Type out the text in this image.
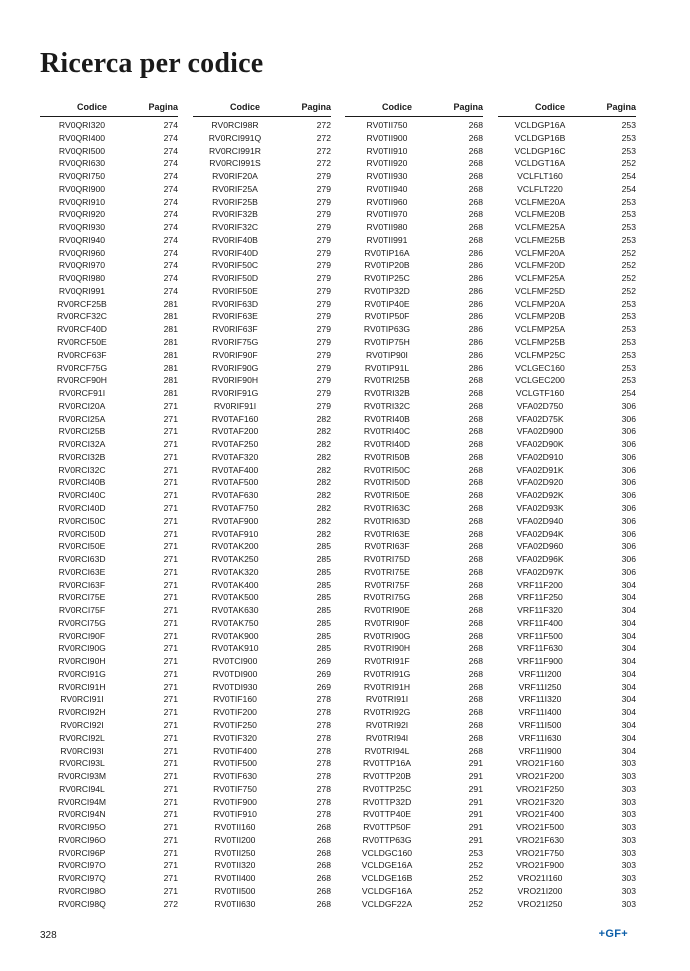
Ricerca per codice
Codice	Pagina
RV0QRI320	274
RV0QRI400	274
RV0QRI500	274
RV0QRI630	274
RV0QRI750	274
RV0QRI900	274
RV0QRI910	274
RV0QRI920	274
RV0QRI930	274
RV0QRI940	274
RV0QRI960	274
RV0QRI970	274
RV0QRI980	274
RV0QRI991	274
RV0RCF25B	281
RV0RCF32C	281
RV0RCF40D	281
RV0RCF50E	281
RV0RCF63F	281
RV0RCF75G	281
RV0RCF90H	281
RV0RCF91I	281
RV0RCI20A	271
RV0RCI25A	271
RV0RCI25B	271
RV0RCI32A	271
RV0RCI32B	271
RV0RCI32C	271
RV0RCI40B	271
RV0RCI40C	271
RV0RCI40D	271
RV0RCI50C	271
RV0RCI50D	271
RV0RCI50E	271
RV0RCI63D	271
RV0RCI63E	271
RV0RCI63F	271
RV0RCI75E	271
RV0RCI75F	271
RV0RCI75G	271
RV0RCI90F	271
RV0RCI90G	271
RV0RCI90H	271
RV0RCI91G	271
RV0RCI91H	271
RV0RCI91I	271
RV0RCI92H	271
RV0RCI92I	271
RV0RCI92L	271
RV0RCI93I	271
RV0RCI93L	271
RV0RCI93M	271
RV0RCI94L	271
RV0RCI94M	271
RV0RCI94N	271
RV0RCI95O	271
RV0RCI96O	271
RV0RCI96P	271
RV0RCI97O	271
RV0RCI97Q	271
RV0RCI98O	271
RV0RCI98Q	272
Codice	Pagina
RV0RCI98R	272
RV0RCI991Q	272
RV0RCI991R	272
RV0RCI991S	272
RV0RIF20A	279
RV0RIF25A	279
RV0RIF25B	279
RV0RIF32B	279
RV0RIF32C	279
RV0RIF40B	279
RV0RIF40D	279
RV0RIF50C	279
RV0RIF50D	279
RV0RIF50E	279
RV0RIF63D	279
RV0RIF63E	279
RV0RIF63F	279
RV0RIF75G	279
RV0RIF90F	279
RV0RIF90G	279
RV0RIF90H	279
RV0RIF91G	279
RV0RIF91I	279
RV0TAF160	282
RV0TAF200	282
RV0TAF250	282
RV0TAF320	282
RV0TAF400	282
RV0TAF500	282
RV0TAF630	282
RV0TAF750	282
RV0TAF900	282
RV0TAF910	282
RV0TAK200	285
RV0TAK250	285
RV0TAK320	285
RV0TAK400	285
RV0TAK500	285
RV0TAK630	285
RV0TAK750	285
RV0TAK900	285
RV0TAK910	285
RV0TCI900	269
RV0TDI900	269
RV0TDI930	269
RV0TIF160	278
RV0TIF200	278
RV0TIF250	278
RV0TIF320	278
RV0TIF400	278
RV0TIF500	278
RV0TIF630	278
RV0TIF750	278
RV0TIF900	278
RV0TIF910	278
RV0TII160	268
RV0TII200	268
RV0TII250	268
RV0TII320	268
RV0TII400	268
RV0TII500	268
RV0TII630	268
Codice	Pagina
RV0TII750	268
RV0TII900	268
RV0TII910	268
RV0TII920	268
RV0TII930	268
RV0TII940	268
RV0TII960	268
RV0TII970	268
RV0TII980	268
RV0TII991	268
RV0TIP16A	286
RV0TIP20B	286
RV0TIP25C	286
RV0TIP32D	286
RV0TIP40E	286
RV0TIP50F	286
RV0TIP63G	286
RV0TIP75H	286
RV0TIP90I	286
RV0TIP91L	286
RV0TRI25B	268
RV0TRI32B	268
RV0TRI32C	268
RV0TRI40B	268
RV0TRI40C	268
RV0TRI40D	268
RV0TRI50B	268
RV0TRI50C	268
RV0TRI50D	268
RV0TRI50E	268
RV0TRI63C	268
RV0TRI63D	268
RV0TRI63E	268
RV0TRI63F	268
RV0TRI75D	268
RV0TRI75E	268
RV0TRI75F	268
RV0TRI75G	268
RV0TRI90E	268
RV0TRI90F	268
RV0TRI90G	268
RV0TRI90H	268
RV0TRI91F	268
RV0TRI91G	268
RV0TRI91H	268
RV0TRI91I	268
RV0TRI92G	268
RV0TRI92I	268
RV0TRI94I	268
RV0TRI94L	268
RV0TTP16A	291
RV0TTP20B	291
RV0TTP25C	291
RV0TTP32D	291
RV0TTP40E	291
RV0TTP50F	291
RV0TTP63G	291
VCLDGC160	253
VCLDGE16A	252
VCLDGE16B	252
VCLDGF16A	252
VCLDGF22A	252
Codice	Pagina
VCLDGP16A	253
VCLDGP16B	253
VCLDGP16C	253
VCLDGT16A	252
VCLFLT160	254
VCLFLT220	254
VCLFME20A	253
VCLFME20B	253
VCLFME25A	253
VCLFME25B	253
VCLFMF20A	252
VCLFMF20D	252
VCLFMF25A	252
VCLFMF25D	252
VCLFMP20A	253
VCLFMP20B	253
VCLFMP25A	253
VCLFMP25B	253
VCLFMP25C	253
VCLGEC160	253
VCLGEC200	253
VCLGTF160	254
VFA02D750	306
VFA02D75K	306
VFA02D900	306
VFA02D90K	306
VFA02D910	306
VFA02D91K	306
VFA02D920	306
VFA02D92K	306
VFA02D93K	306
VFA02D940	306
VFA02D94K	306
VFA02D960	306
VFA02D96K	306
VFA02D97K	306
VRF11F200	304
VRF11F250	304
VRF11F320	304
VRF11F400	304
VRF11F500	304
VRF11F630	304
VRF11F900	304
VRF11I200	304
VRF11I250	304
VRF11I320	304
VRF11I400	304
VRF11I500	304
VRF11I630	304
VRF11I900	304
VRO21F160	303
VRO21F200	303
VRO21F250	303
VRO21F320	303
VRO21F400	303
VRO21F500	303
VRO21F630	303
VRO21F750	303
VRO21F900	303
VRO21I160	303
VRO21I200	303
VRO21I250	303
328	+GF+
